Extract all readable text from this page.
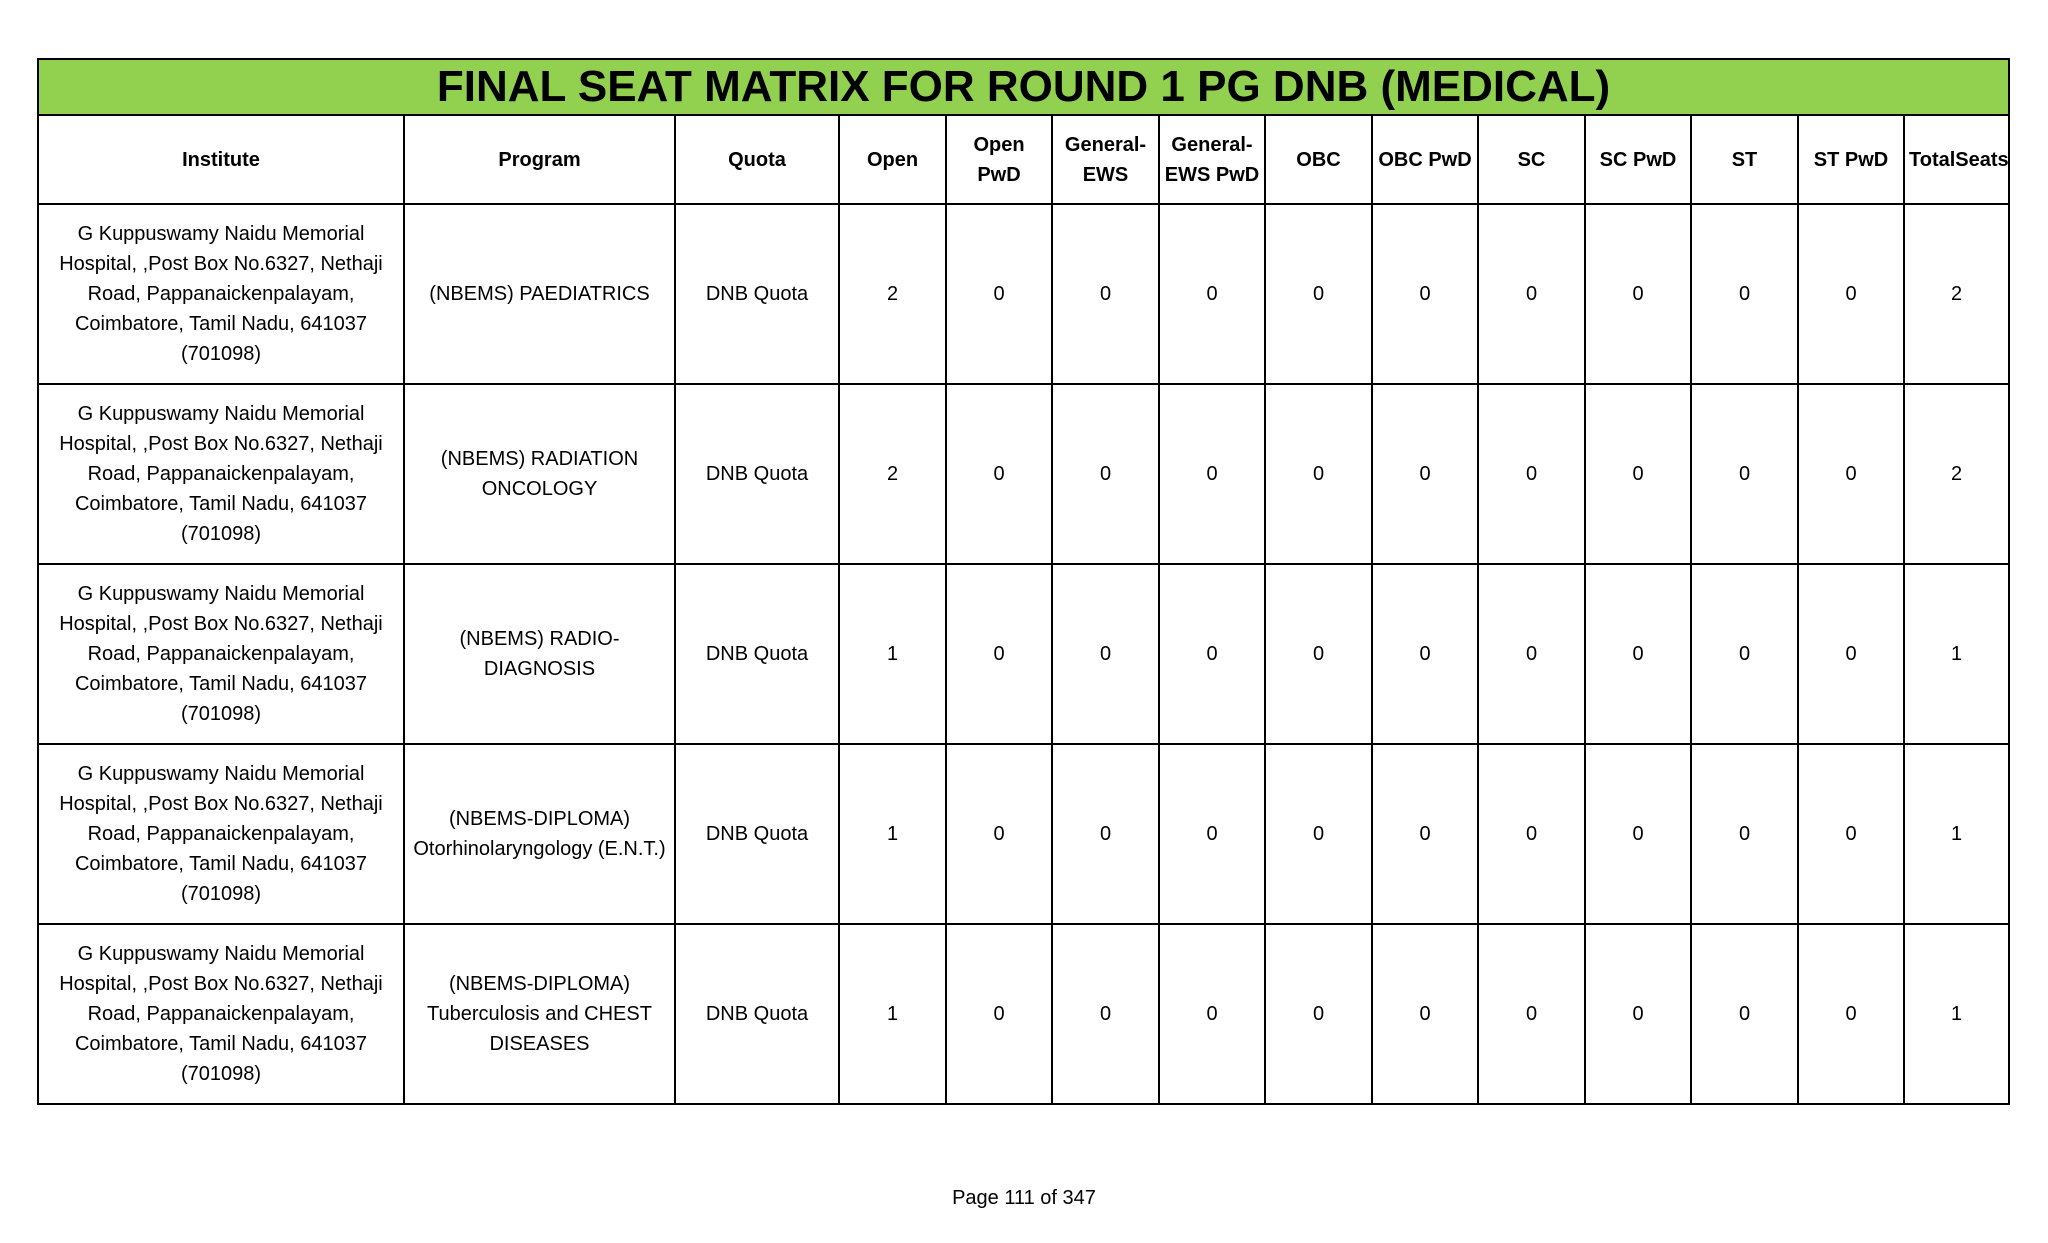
FINAL SEAT MATRIX FOR ROUND 1 PG DNB (MEDICAL)													
Institute	Program	Quota	Open	Open PwD	General-EWS	General-EWS PwD	OBC	OBC PwD	SC	SC PwD	ST	ST PwD	TotalSeats
G Kuppuswamy Naidu Memorial Hospital, ,Post Box No.6327, Nethaji Road, Pappanaickenpalayam, Coimbatore, Tamil Nadu, 641037 (701098)	(NBEMS) PAEDIATRICS	DNB Quota	2	0	0	0	0	0	0	0	0	0	2
G Kuppuswamy Naidu Memorial Hospital, ,Post Box No.6327, Nethaji Road, Pappanaickenpalayam, Coimbatore, Tamil Nadu, 641037 (701098)	(NBEMS) RADIATION ONCOLOGY	DNB Quota	2	0	0	0	0	0	0	0	0	0	2
G Kuppuswamy Naidu Memorial Hospital, ,Post Box No.6327, Nethaji Road, Pappanaickenpalayam, Coimbatore, Tamil Nadu, 641037 (701098)	(NBEMS) RADIO-DIAGNOSIS	DNB Quota	1	0	0	0	0	0	0	0	0	0	1
G Kuppuswamy Naidu Memorial Hospital, ,Post Box No.6327, Nethaji Road, Pappanaickenpalayam, Coimbatore, Tamil Nadu, 641037 (701098)	(NBEMS-DIPLOMA) Otorhinolaryngology (E.N.T.)	DNB Quota	1	0	0	0	0	0	0	0	0	0	1
G Kuppuswamy Naidu Memorial Hospital, ,Post Box No.6327, Nethaji Road, Pappanaickenpalayam, Coimbatore, Tamil Nadu, 641037 (701098)	(NBEMS-DIPLOMA) Tuberculosis and CHEST DISEASES	DNB Quota	1	0	0	0	0	0	0	0	0	0	1
Page 111 of 347
